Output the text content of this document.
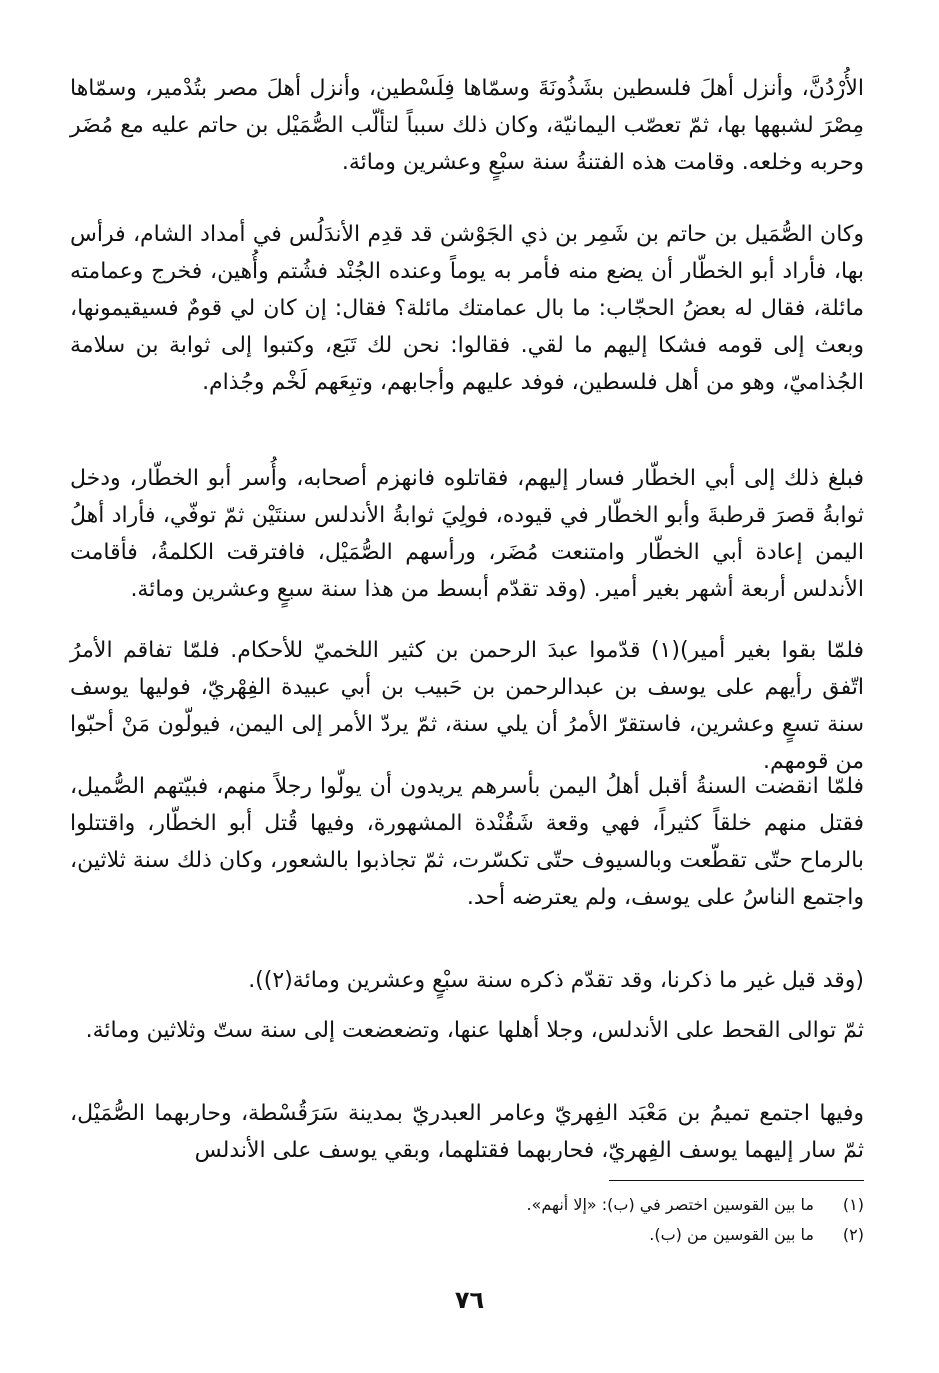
الأُرْدُنَّ، وأنزل أهلَ فلسطين بشَذُونَةَ وسمّاها فِلَسْطين، وأنزل أهلَ مصر بتُدْمير، وسمّاها مِصْرَ لشبهها بها، ثمّ تعصّب اليمانيّة، وكان ذلك سبباً لتألّب الصُّمَيْل بن حاتم عليه مع مُضَر وحربه وخلعه. وقامت هذه الفتنةُ سنة سبْعٍ وعشرين ومائة.

وكان الصُّمَيل بن حاتم بن شَمِر بن ذي الجَوْشن قد قدِم الأندَلُس في أمداد الشام، فرأس بها، فأراد أبو الخطّار أن يضع منه فأمر به يوماً وعنده الجُنْد فشُتم وأُهين، فخرج وعمامته مائلة، فقال له بعضُ الحجّاب: ما بال عمامتك مائلة؟ فقال: إن كان لي قومٌ فسيقيمونها، وبعث إلى قومه فشكا إليهم ما لقي. فقالوا: نحن لك تَبَع، وكتبوا إلى ثوابة بن سلامة الجُذاميّ، وهو من أهل فلسطين، فوفد عليهم وأجابهم، وتبِعَهم لَخْم وجُذام.

فبلغ ذلك إلى أبي الخطّار فسار إليهم، فقاتلوه فانهزم أصحابه، وأُسر أبو الخطّار، ودخل ثوابةُ قصرَ قرطبةَ وأبو الخطّار في قيوده، فولِيَ ثوابةُ الأندلس سنتَيْن ثمّ توفّي، فأراد أهلُ اليمن إعادة أبي الخطّار وامتنعت مُضَر، ورأسهم الصُّمَيْل، فافترقت الكلمةُ، فأقامت الأندلس أربعة أشهر بغير أمير. (وقد تقدّم أبسط من هذا سنة سبعٍ وعشرين ومائة.

فلمّا بقوا بغير أمير)(١) قدّموا عبدَ الرحمن بن كثير اللخميّ للأحكام. فلمّا تفاقم الأمرُ اتّفق رأيهم على يوسف بن عبدالرحمن بن حَبيب بن أبي عبيدة الفِهْريّ، فوليها يوسف سنة تسعٍ وعشرين، فاستقرّ الأمرُ أن يلي سنة، ثمّ يردّ الأمر إلى اليمن، فيولّون مَنْ أحبّوا من قومهم.

فلمّا انقضت السنةُ أقبل أهلُ اليمن بأسرهم يريدون أن يولّوا رجلاً منهم، فبيّتهم الصُّميل، فقتل منهم خلقاً كثيراً، فهي وقعة شَقُنْدة المشهورة، وفيها قُتل أبو الخطّار، واقتتلوا بالرماح حتّى تقطّعت وبالسيوف حتّى تكسّرت، ثمّ تجاذبوا بالشعور، وكان ذلك سنة ثلاثين، واجتمع الناسُ على يوسف، ولم يعترضه أحد.

(وقد قيل غير ما ذكرنا، وقد تقدّم ذكره سنة سبْعٍ وعشرين ومائة(٢)).

ثمّ توالى القحط على الأندلس، وجلا أهلها عنها، وتضعضعت إلى سنة ستّ وثلاثين ومائة.

وفيها اجتمع تميمُ بن مَعْبَد الفِهريّ وعامر العبدريّ بمدينة سَرَقُسْطة، وحاربهما الصُّمَيْل، ثمّ سار إليهما يوسف الفِهريّ، فحاربهما فقتلهما، وبقي يوسف على الأندلس

(١)ما بين القوسين اختصر في (ب): «إلا أنهم».
(٢)ما بين القوسين من (ب).
٧٦
